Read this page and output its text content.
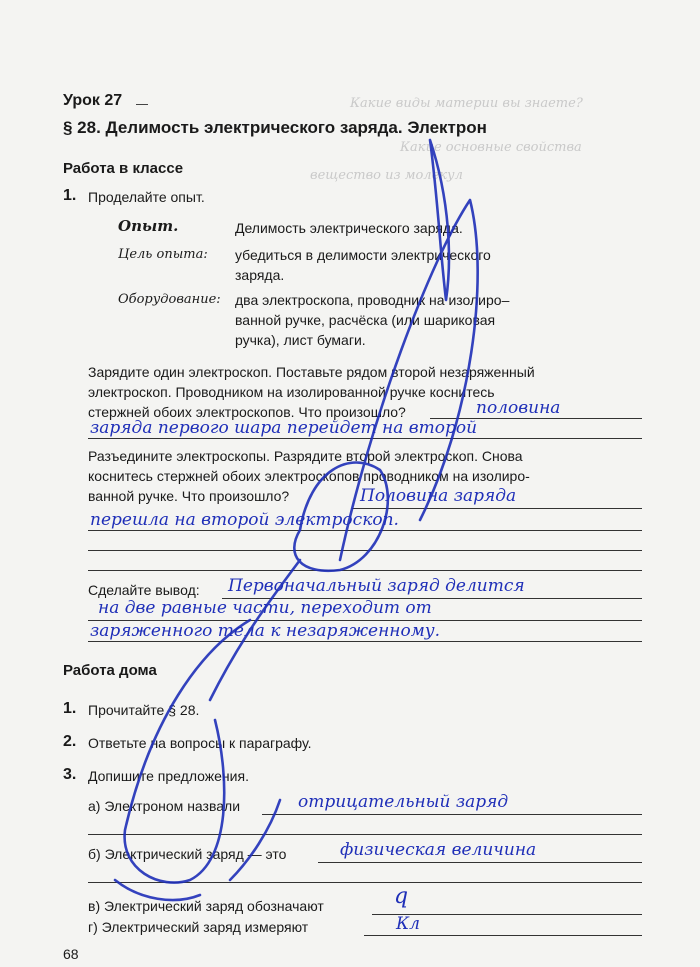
Какие виды материи вы знаете?
Какие основные свойства
вещество из молекул
Урок 27
§ 28. Делимость электрического заряда. Электрон
Работа в классе
1. Проделайте опыт.
Опыт.	Делимость электрического заряда.
Цель опыта: убедиться в делимости электрического
заряда.
Оборудование: два электроскопа, проводник на изолиро–
ванной ручке, расчёска (или шариковая
ручка), лист бумаги.
Зарядите один электроскоп. Поставьте рядом второй незаряженный
электроскоп. Проводником на изолированной ручке коснитесь
стержней обоих электроскопов. Что произошло?	половина
заряда первого шара перейдет на второй
Разъедините электроскопы. Разрядите второй электроскоп. Снова
коснитесь стержней обоих электроскопов проводником на изолиро-
ванной ручке. Что произошло?	Половина заряда
перешла на второй электроскоп.
Сделайте вывод: Первоначальный заряд делится
на две равные части, переходит от
заряженного тела к незаряженному.
Работа дома
1. Прочитайте § 28.
2. Ответьте на вопросы к параграфу.
3. Допишите предложения.
а) Электроном назвали	отрицательный заряд
б) Электрический заряд — это	физическая величина
в) Электрический заряд обозначают	q
г) Электрический заряд измеряют	Кл
68
